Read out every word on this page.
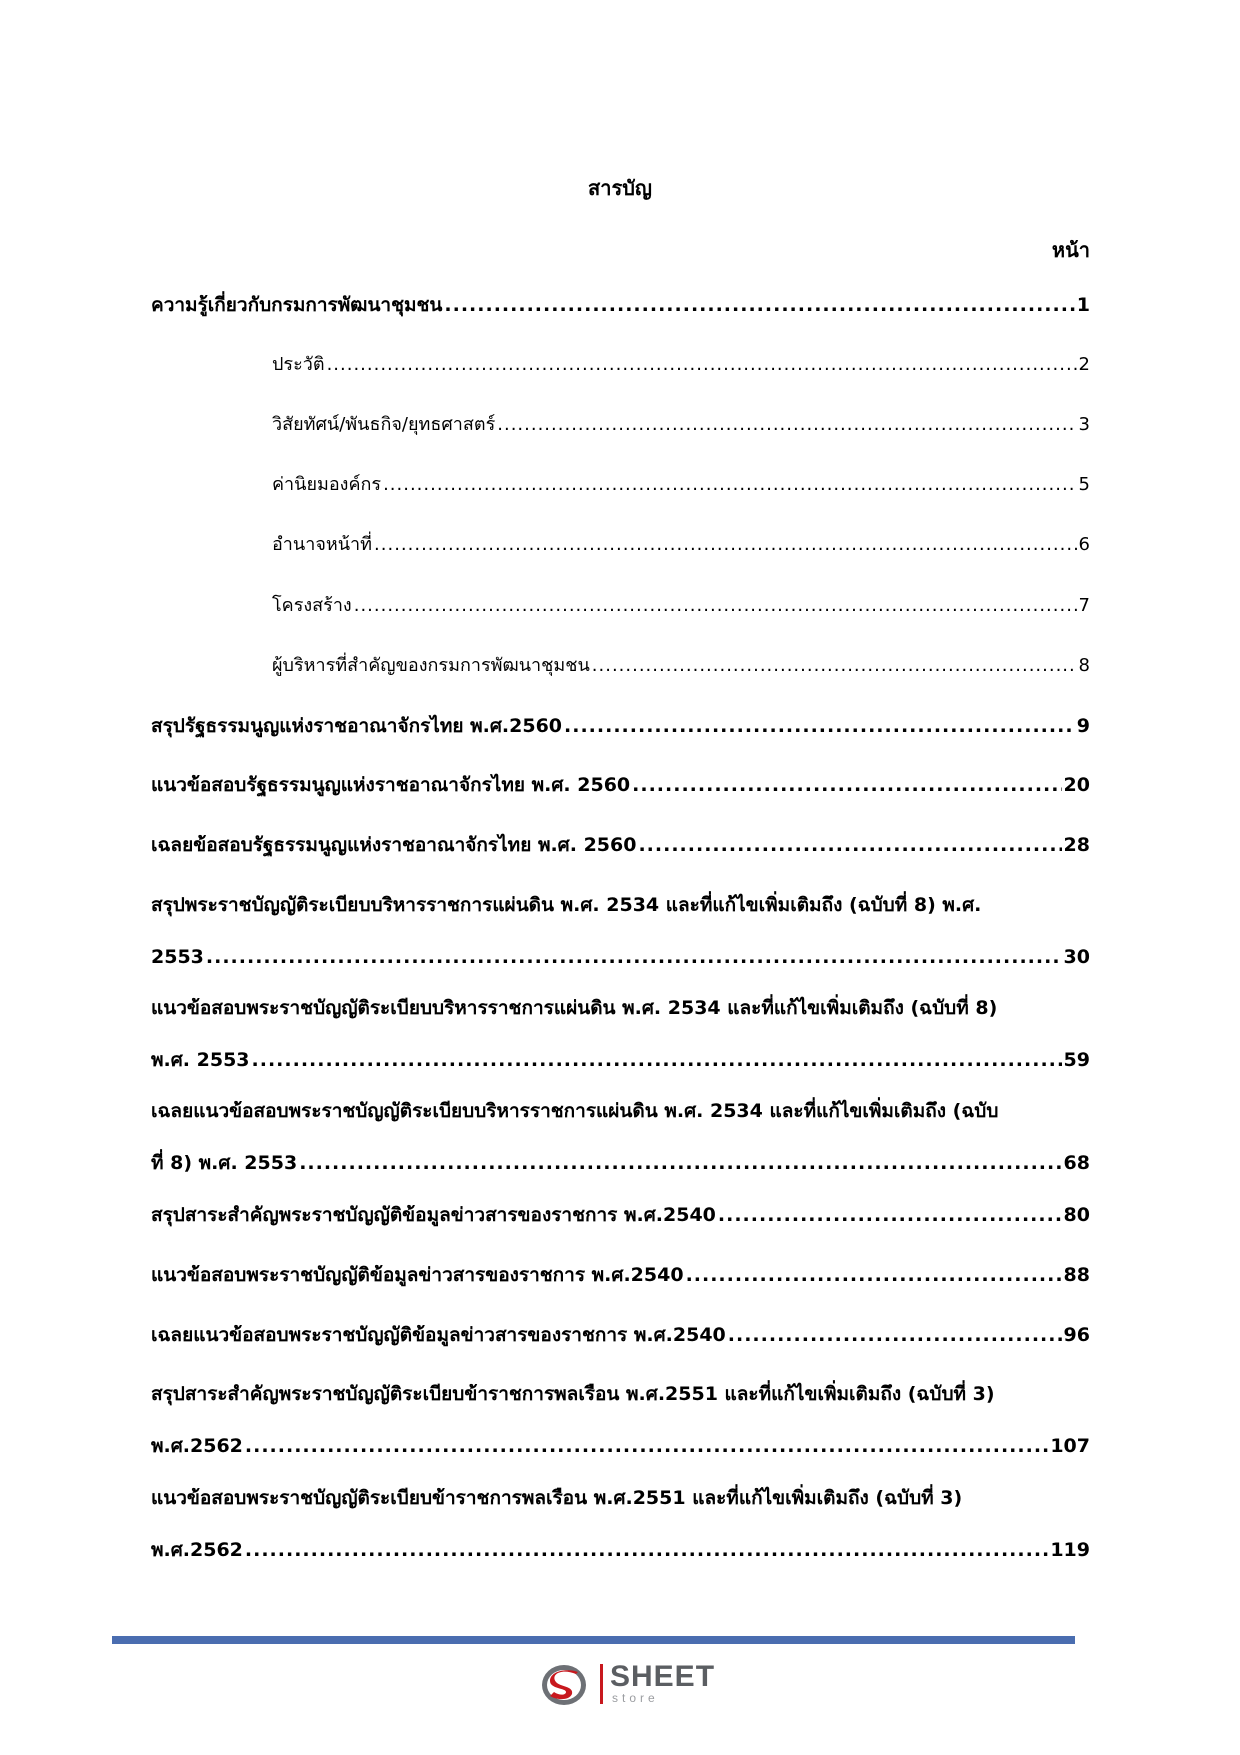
สารบัญ
หน้า
ความรู้เกี่ยวกับกรมการพัฒนาชุมชน .....	1
ประวัติ .....	2
วิสัยทัศน์/พันธกิจ/ยุทธศาสตร์ .....	3
ค่านิยมองค์กร .....	5
อำนาจหน้าที่ .....	6
โครงสร้าง .....	7
ผู้บริหารที่สำคัญของกรมการพัฒนาชุมชน .....	8
สรุปรัฐธรรมนูญแห่งราชอาณาจักรไทย พ.ศ.2560 .....	9
แนวข้อสอบรัฐธรรมนูญแห่งราชอาณาจักรไทย พ.ศ. 2560 .....	20
เฉลยข้อสอบรัฐธรรมนูญแห่งราชอาณาจักรไทย พ.ศ. 2560 .....	28
สรุปพระราชบัญญัติระเบียบบริหารราชการแผ่นดิน พ.ศ. 2534 และที่แก้ไขเพิ่มเติมถึง (ฉบับที่ 8) พ.ศ.
2553 .....	30
แนวข้อสอบพระราชบัญญัติระเบียบบริหารราชการแผ่นดิน พ.ศ. 2534 และที่แก้ไขเพิ่มเติมถึง (ฉบับที่ 8)
พ.ศ. 2553 .....	59
เฉลยแนวข้อสอบพระราชบัญญัติระเบียบบริหารราชการแผ่นดิน พ.ศ. 2534 และที่แก้ไขเพิ่มเติมถึง (ฉบับ
ที่ 8) พ.ศ. 2553 .....	68
สรุปสาระสำคัญพระราชบัญญัติข้อมูลข่าวสารของราชการ พ.ศ.2540 .....	80
แนวข้อสอบพระราชบัญญัติข้อมูลข่าวสารของราชการ พ.ศ.2540 .....	88
เฉลยแนวข้อสอบพระราชบัญญัติข้อมูลข่าวสารของราชการ พ.ศ.2540 .....	96
สรุปสาระสำคัญพระราชบัญญัติระเบียบข้าราชการพลเรือน พ.ศ.2551 และที่แก้ไขเพิ่มเติมถึง (ฉบับที่ 3)
พ.ศ.2562 .....	107
แนวข้อสอบพระราชบัญญัติระเบียบข้าราชการพลเรือน พ.ศ.2551 และที่แก้ไขเพิ่มเติมถึง (ฉบับที่ 3)
พ.ศ.2562 .....	119
SHEET
store
